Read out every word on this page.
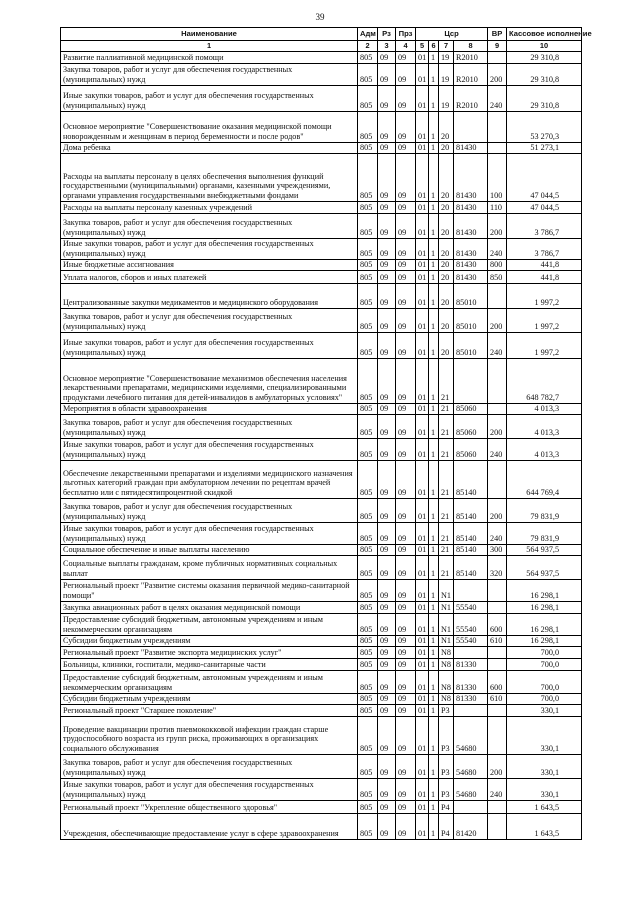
39
Наименование	Адм	Рз	Прз	Цср				ВР	Кассовое исполнение
1	2	3	4	5	6	7	8	9	10
Развитие паллиативной медицинской помощи	805	09	09	01	1	19	R2010		29 310,8
Закупка товаров, работ и услуг для обеспечения государственных (муниципальных) нужд	805	09	09	01	1	19	R2010	200	29 310,8
Иные закупки товаров, работ и услуг для обеспечения государственных (муниципальных) нужд	805	09	09	01	1	19	R2010	240	29 310,8
Основное мероприятие "Совершенствование оказания медицинской помощи новорожденным и женщинам в период беременности и после родов"	805	09	09	01	1	20			53 270,3
Дома ребенка	805	09	09	01	1	20	81430		51 273,1
Расходы на выплаты персоналу в целях обеспечения выполнения функций государственными (муниципальными) органами, казенными учреждениями, органами управления государственными внебюджетными фондами	805	09	09	01	1	20	81430	100	47 044,5
Расходы на выплаты персоналу казенных учреждений	805	09	09	01	1	20	81430	110	47 044,5
Закупка товаров, работ и услуг для обеспечения государственных (муниципальных) нужд	805	09	09	01	1	20	81430	200	3 786,7
Иные закупки товаров, работ и услуг для обеспечения государственных (муниципальных) нужд	805	09	09	01	1	20	81430	240	3 786,7
Иные бюджетные ассигнования	805	09	09	01	1	20	81430	800	441,8
Уплата налогов, сборов и иных платежей	805	09	09	01	1	20	81430	850	441,8
Централизованные закупки медикаментов и медицинского оборудования	805	09	09	01	1	20	85010		1 997,2
Закупка товаров, работ и услуг для обеспечения государственных (муниципальных) нужд	805	09	09	01	1	20	85010	200	1 997,2
Иные закупки товаров, работ и услуг для обеспечения государственных (муниципальных) нужд	805	09	09	01	1	20	85010	240	1 997,2
Основное мероприятие "Совершенствование механизмов обеспечения населения лекарственными препаратами, медицинскими изделиями, специализированными продуктами лечебного питания для детей-инвалидов в амбулаторных условиях"	805	09	09	01	1	21			648 782,7
Мероприятия в области здравоохранения	805	09	09	01	1	21	85060		4 013,3
Закупка товаров, работ и услуг для обеспечения государственных (муниципальных) нужд	805	09	09	01	1	21	85060	200	4 013,3
Иные закупки товаров, работ и услуг для обеспечения государственных (муниципальных) нужд	805	09	09	01	1	21	85060	240	4 013,3
Обеспечение лекарственными препаратами и изделиями медицинского назначения льготных категорий граждан при амбулаторном лечении по рецептам врачей бесплатно или с пятидесятипроцентной скидкой	805	09	09	01	1	21	85140		644 769,4
Закупка товаров, работ и услуг для обеспечения государственных (муниципальных) нужд	805	09	09	01	1	21	85140	200	79 831,9
Иные закупки товаров, работ и услуг для обеспечения государственных (муниципальных) нужд	805	09	09	01	1	21	85140	240	79 831,9
Социальное обеспечение и иные выплаты населению	805	09	09	01	1	21	85140	300	564 937,5
Социальные выплаты гражданам, кроме публичных нормативных социальных выплат	805	09	09	01	1	21	85140	320	564 937,5
Региональный проект "Развитие системы оказания первичной медико-санитарной помощи"	805	09	09	01	1	N1			16 298,1
Закупка авиационных работ в целях оказания медицинской помощи	805	09	09	01	1	N1	55540		16 298,1
Предоставление субсидий бюджетным, автономным учреждениям и иным некоммерческим организациям	805	09	09	01	1	N1	55540	600	16 298,1
Субсидии бюджетным учреждениям	805	09	09	01	1	N1	55540	610	16 298,1
Региональный проект "Развитие экспорта медицинских услуг"	805	09	09	01	1	N8			700,0
Больницы, клиники, госпитали, медико-санитарные части	805	09	09	01	1	N8	81330		700,0
Предоставление субсидий бюджетным, автономным учреждениям и иным некоммерческим организациям	805	09	09	01	1	N8	81330	600	700,0
Субсидии бюджетным учреждениям	805	09	09	01	1	N8	81330	610	700,0
Региональный проект "Старшее поколение"	805	09	09	01	1	P3			330,1
Проведение вакцинации против пневмококковой инфекции граждан старше трудоспособного возраста из групп риска, проживающих в организациях социального обслуживания	805	09	09	01	1	P3	54680		330,1
Закупка товаров, работ и услуг для обеспечения государственных (муниципальных) нужд	805	09	09	01	1	P3	54680	200	330,1
Иные закупки товаров, работ и услуг для обеспечения государственных (муниципальных) нужд	805	09	09	01	1	P3	54680	240	330,1
Региональный проект "Укрепление общественного здоровья"	805	09	09	01	1	P4			1 643,5
Учреждения, обеспечивающие предоставление услуг в сфере здравоохранения	805	09	09	01	1	P4	81420		1 643,5
